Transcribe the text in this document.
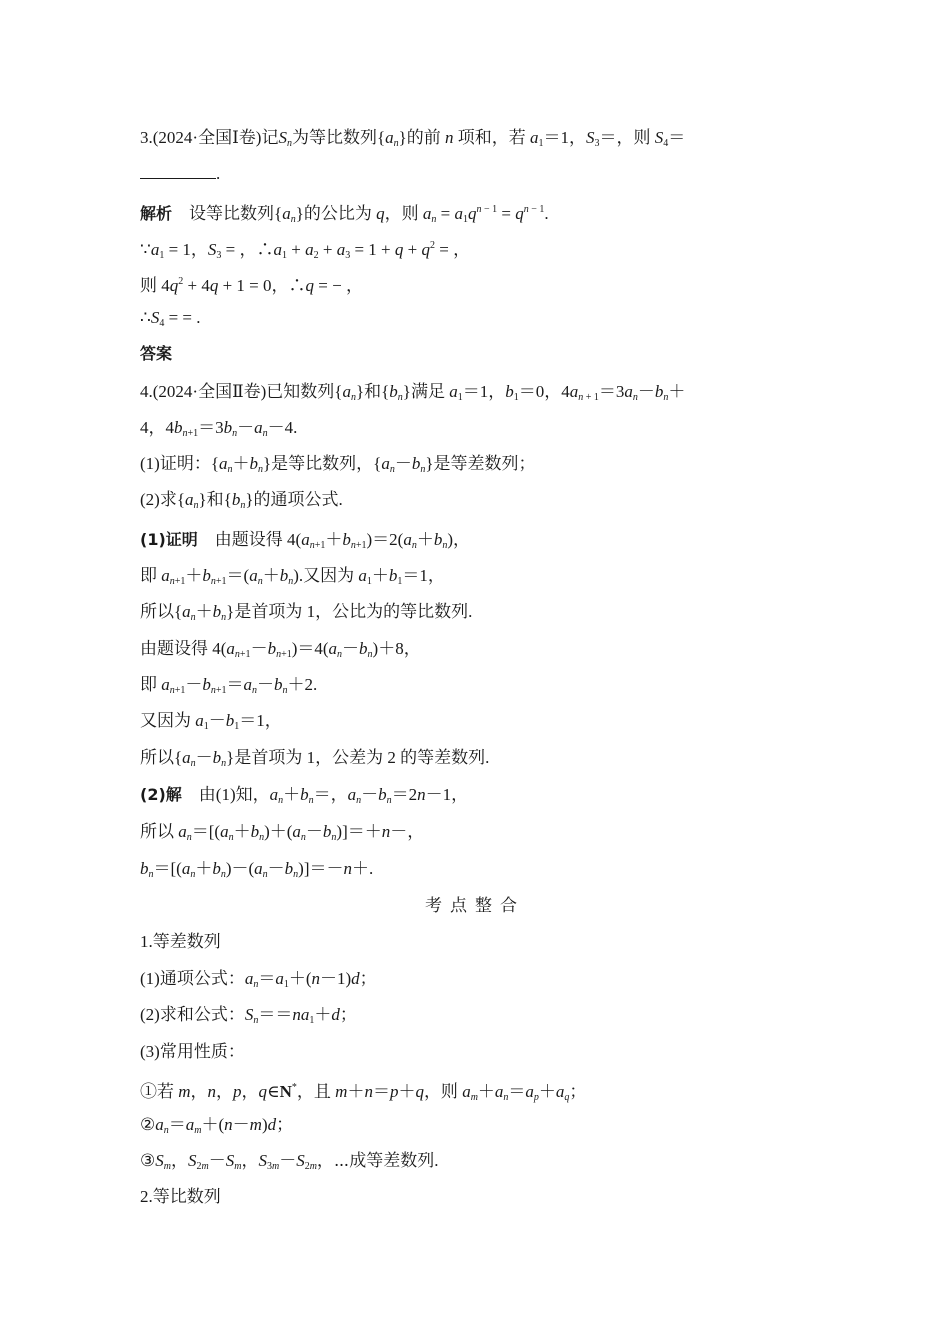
3.(2024·全国Ⅰ卷)记$S_n$为等比数列$\{a_n\}$的前 n 项和，若 $a_1=1$，$S_3=$，则 $S_4=$
.
解析 设等比数列$\{a_n\}$的公比为 q，则 $a_n = a_1q^{n - 1} = q^{n - 1}$.
$\because a_1 = 1$，$S_3$ = ，$\therefore a_1 + a_2 + a_3 = 1 + q + q^2$ = ，
则 $4q^2 + 4q + 1 = 0$，∴q = − ，
$\therefore S_4$ = = .
答案
4.(2024·全国Ⅱ卷)已知数列$\{a_n\}$和$\{b_n\}$满足 $a_1=1$，$b_1=0$，$4a_{n + 1}=3a_n-b_n+$
4，$4b_{n+1}=3b_n-a_n-4$.
(1)证明：$\{a_n+b_n\}$是等比数列，$\{a_n-b_n\}$是等差数列；
(2)求$\{a_n\}$和$\{b_n\}$的通项公式.
(1)证明 由题设得 $4(a_{n+1}+b_{n+1})=2(a_n+b_n)$，
即 $a_{n+1}+b_{n+1}=(a_n+b_n)$.又因为 $a_1+b_1=1$，
所以$\{a_n+b_n\}$是首项为 1，公比为的等比数列.
由题设得 $4(a_{n+1}-b_{n+1})=4(a_n-b_n)+8$，
即 $a_{n+1}-b_{n+1}=a_n-b_n+2$.
又因为 $a_1-b_1=1$，
所以$\{a_n-b_n\}$是首项为 1，公差为 2 的等差数列.
(2)解 由(1)知，$a_n+b_n=$，$a_n-b_n=2n-1$，
所以 $a_n=[(a_n+b_n)+(a_n-b_n)]=+n-$，
$b_n=[(a_n+b_n)-(a_n-b_n)]=-n+$.
考点整合
1.等差数列
(1)通项公式：$a_n=a_1+(n-1)d$；
(2)求和公式：$S_n==na_1+d$；
(3)常用性质：
①若 m，n，p，q∈N*，且 m＋n＝p＋q，则 $a_m+a_n=a_p+a_q$；
$②a_n=a_m+(n-m)d$；
$③S_m$，$S_{2m}-S_m$，$S_{3m}-S_{2m}$，⋯成等差数列.
2.等比数列
